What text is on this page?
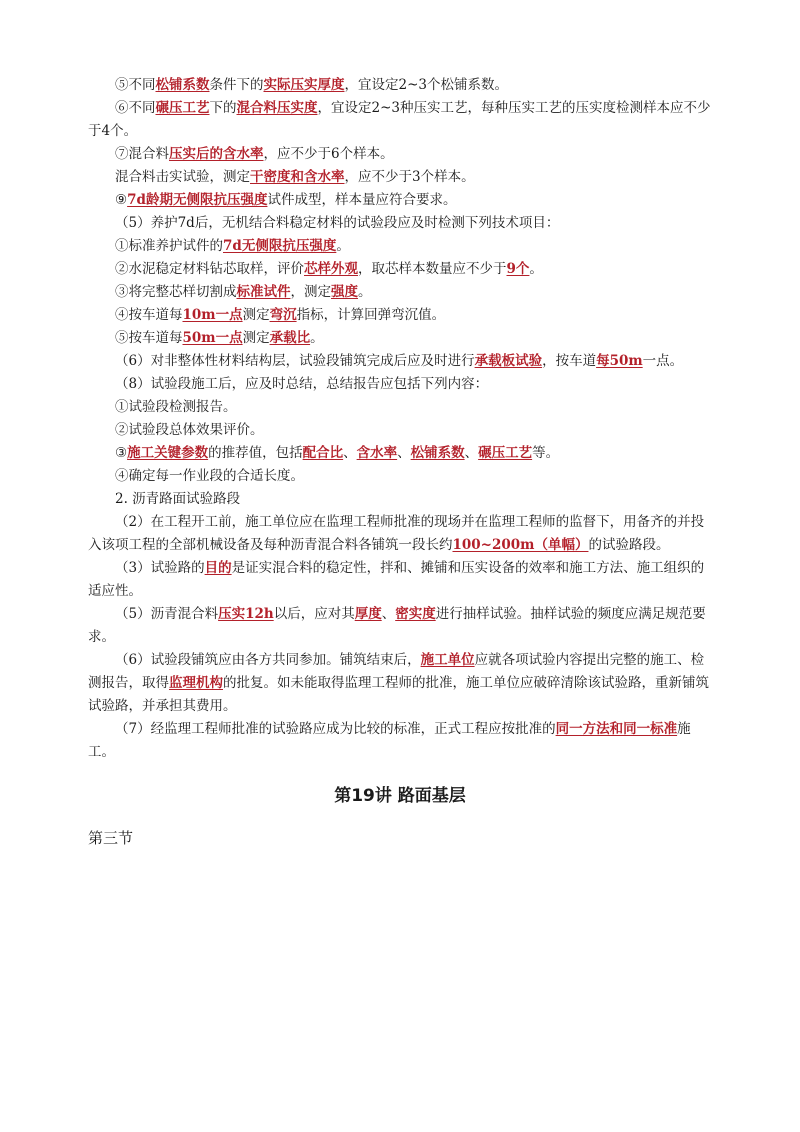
⑤不同松铺系数条件下的实际压实厚度，宜设定2~3个松铺系数。

⑥不同碾压工艺下的混合料压实度，宜设定2~3种压实工艺，每种压实工艺的压实度检测样本应不少于4个。

⑦混合料压实后的含水率，应不少于6个样本。

混合料击实试验，测定干密度和含水率，应不少于3个样本。

⑨7d龄期无侧限抗压强度试件成型，样本量应符合要求。

（5）养护7d后，无机结合料稳定材料的试验段应及时检测下列技术项目：

①标准养护试件的7d无侧限抗压强度。

②水泥稳定材料钻芯取样，评价芯样外观，取芯样本数量应不少于9个。

③将完整芯样切割成标准试件，测定强度。

④按车道每10m一点测定弯沉指标，计算回弹弯沉值。

⑤按车道每50m一点测定承载比。

（6）对非整体性材料结构层，试验段铺筑完成后应及时进行承载板试验，按车道每50m一点。

（8）试验段施工后，应及时总结，总结报告应包括下列内容：

①试验段检测报告。

②试验段总体效果评价。

③施工关键参数的推荐值，包括配合比、含水率、松铺系数、碾压工艺等。

④确定每一作业段的合适长度。

2. 沥青路面试验路段

（2）在工程开工前，施工单位应在监理工程师批准的现场并在监理工程师的监督下，用备齐的并投入该项工程的全部机械设备及每种沥青混合料各铺筑一段长约100~200m（单幅）的试验路段。

（3）试验路的目的是证实混合料的稳定性，拌和、摊铺和压实设备的效率和施工方法、施工组织的适应性。

（5）沥青混合料压实12h以后，应对其厚度、密实度进行抽样试验。抽样试验的频度应满足规范要求。

（6）试验段铺筑应由各方共同参加。铺筑结束后，施工单位应就各项试验内容提出完整的施工、检测报告，取得监理机构的批复。如未能取得监理工程师的批准，施工单位应破碎清除该试验路，重新铺筑试验路，并承担其费用。

（7）经监理工程师批准的试验路应成为比较的标准，正式工程应按批准的同一方法和同一标准施工。

第19讲 路面基层

第三节
